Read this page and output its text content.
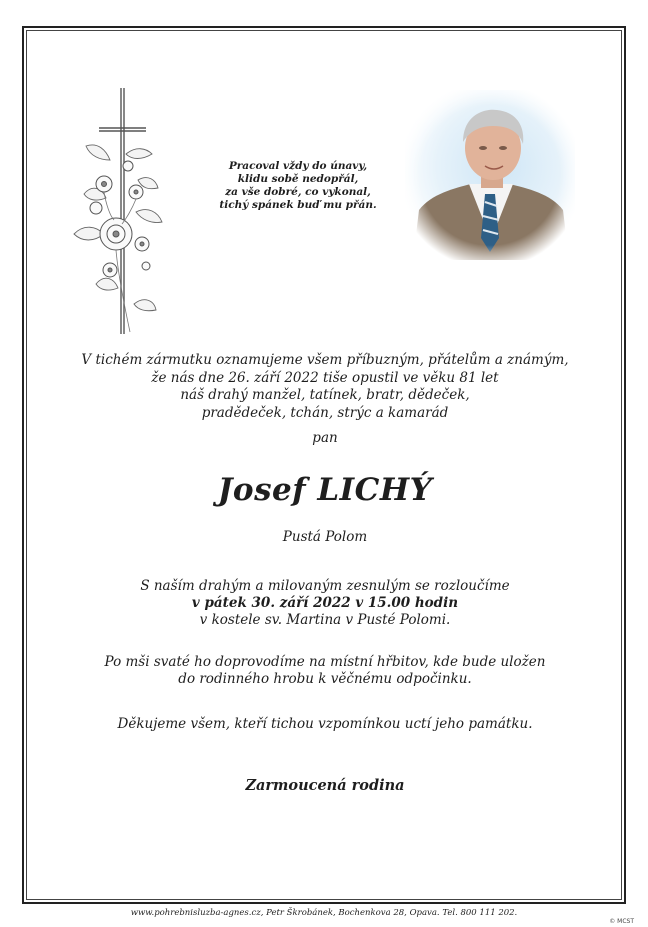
Pracoval vždy do únavy,
klidu sobě nedopřál,
za vše dobré, co vykonal,
tichý spánek buď mu přán.
V tichém zármutku oznamujeme všem příbuzným, přátelům a známým,
že nás dne 26. září 2022 tiše opustil ve věku 81 let
náš drahý manžel, tatínek, bratr, dědeček,
pradědeček, tchán, strýc a kamarád
pan
Josef LICHÝ
Pustá Polom
S naším drahým a milovaným zesnulým se rozloučíme
v pátek 30. září 2022 v 15.00 hodin
v kostele sv. Martina v Pusté Polomi.
Po mši svaté ho doprovodíme na místní hřbitov, kde bude uložen
do rodinného hrobu k věčnému odpočinku.
Děkujeme všem, kteří tichou vzpomínkou uctí jeho památku.
Zarmoucená rodina
www.pohrebnisluzba-agnes.cz, Petr Škrobánek, Bochenkova 28, Opava. Tel. 800 111 202.
© MCST
